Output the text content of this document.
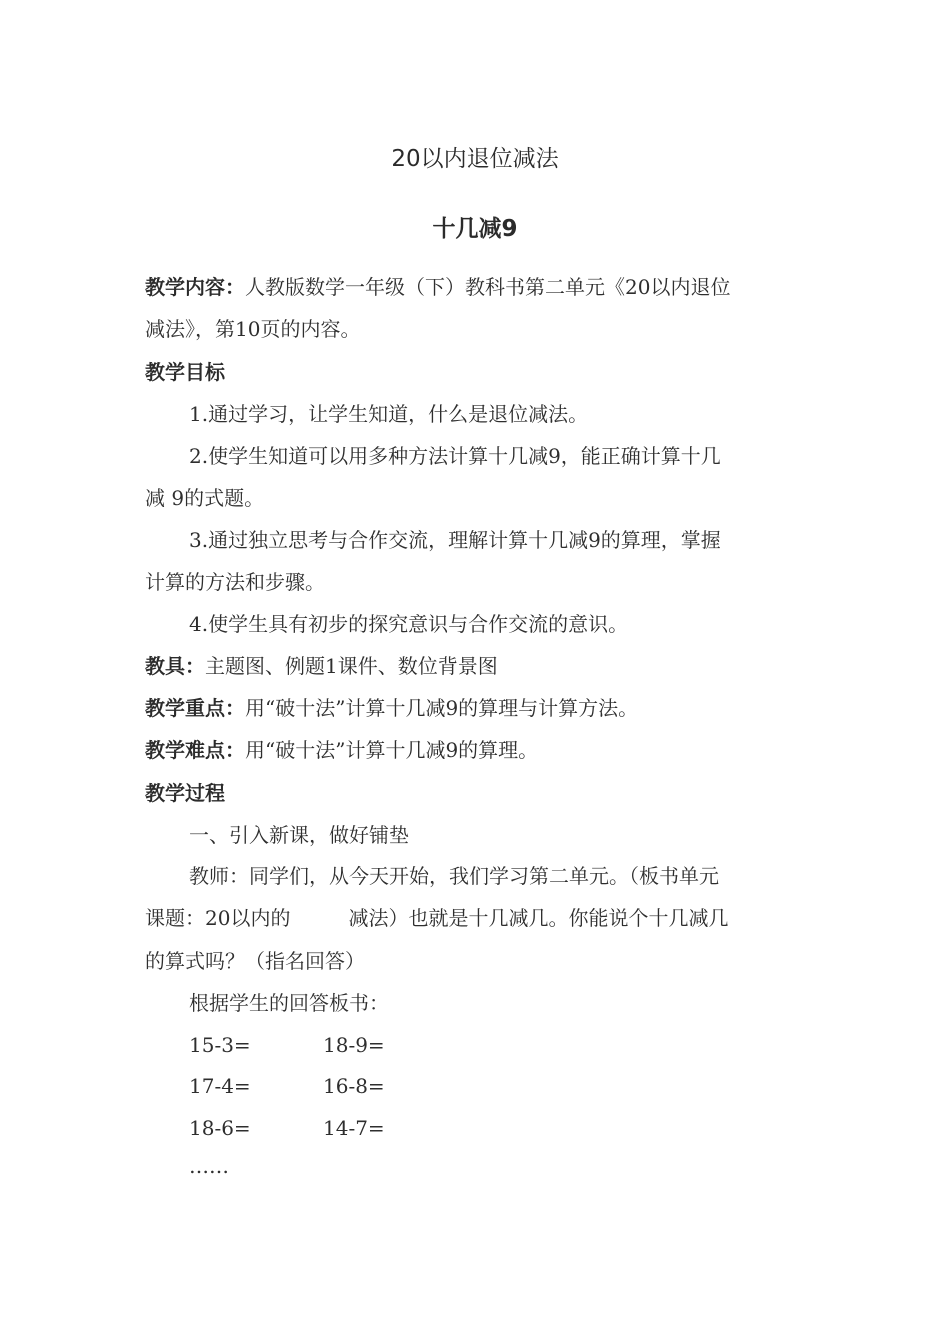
20以内退位减法
十几减9
教学内容：人教版数学一年级（下）教科书第二单元《20以内退位
减法》，第10页的内容。
教学目标
1.通过学习，让学生知道，什么是退位减法。
2.使学生知道可以用多种方法计算十几减9，能正确计算十几
减 9的式题。
3.通过独立思考与合作交流，理解计算十几减9的算理，掌握
计算的方法和步骤。
4.使学生具有初步的探究意识与合作交流的意识。
教具：主题图、例题1课件、数位背景图
教学重点：用“破十法”计算十几减9的算理与计算方法。
教学难点：用“破十法”计算十几减9的算理。
教学过程
一、引入新课，做好铺垫
教师：同学们，从今天开始，我们学习第二单元。（板书单元
课题：20以内的	减法）也就是十几减几。你能说个十几减几
的算式吗？（指名回答）
根据学生的回答板书：
15-3=	18-9=
17-4=	16-8=
18-6=	14-7=
……
